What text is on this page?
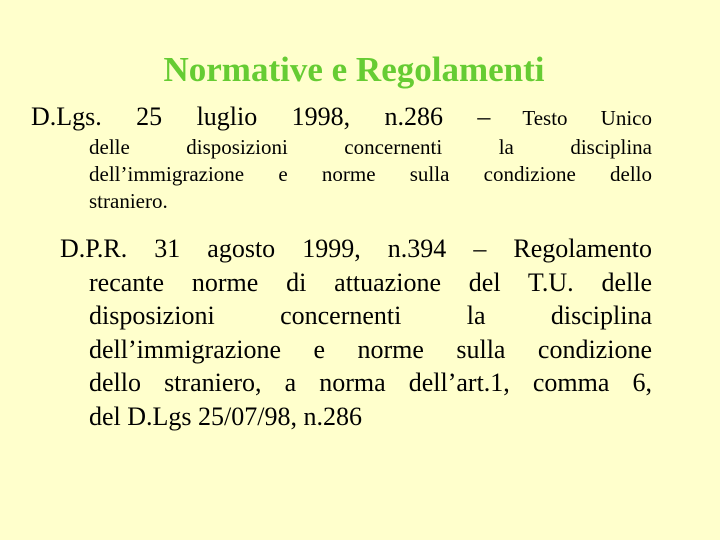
Normative e Regolamenti
D.Lgs. 25 luglio 1998, n.286 – Testo Unico

delle disposizioni concernenti la disciplina

dell’immigrazione e norme sulla condizione dello

straniero.

D.P.R. 31 agosto 1999, n.394 – Regolamento

recante norme di attuazione del T.U. delle

disposizioni concernenti la disciplina

dell’immigrazione e norme sulla condizione

dello straniero, a norma dell’art.1, comma 6,

del D.Lgs 25/07/98, n.286
